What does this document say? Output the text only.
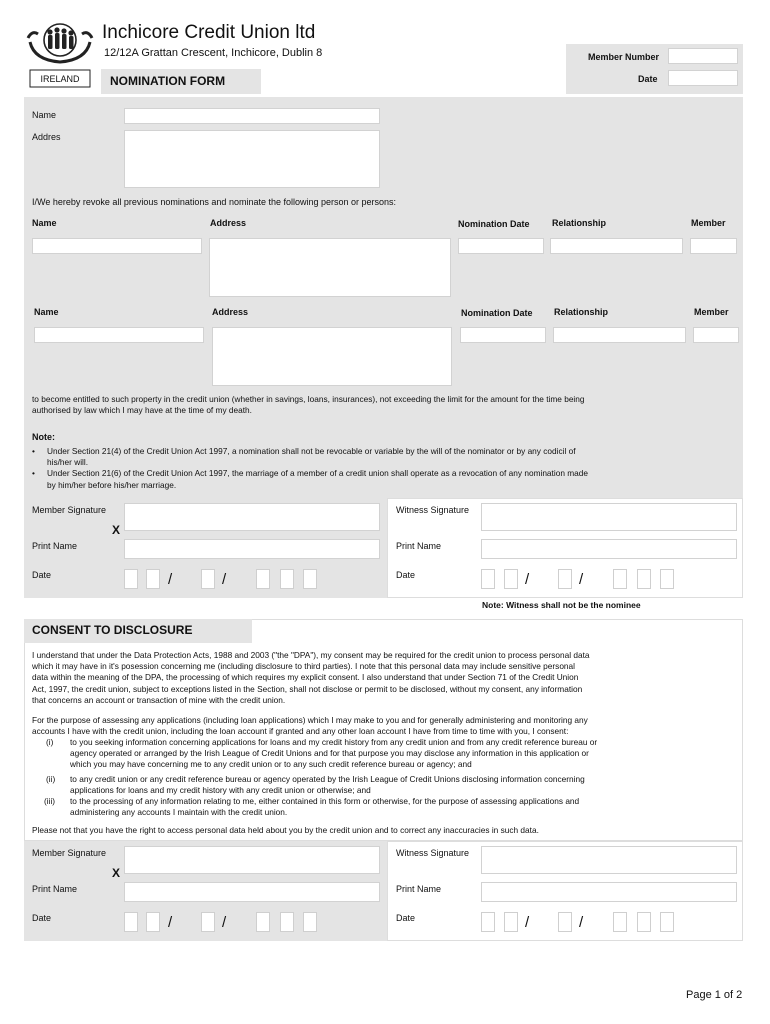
IRELAND
Inchicore Credit Union ltd
12/12A Grattan Crescent, Inchicore, Dublin 8	Member Number
Date
NOMINATION FORM
Name
Addres
I/We hereby revoke all previous nominations and nominate the following person or persons:
Name	Address	Nomination Date Relationship	Member
Name	Address	Nomination Date Relationship	Member
to become entitled to such property in the credit union (whether in savings, loans, insurances), not exceeding the limit for the amount for the time being
authorised by law which I may have at the time of my death.
Note:
• Under Section 21(4) of the Credit Union Act 1997, a nomination shall not be revocable or variable by the will of the nominator or by any codicil of
his/her will.
• Under Section 21(6) of the Credit Union Act 1997, the marriage of a member of a credit union shall operate as a revocation of any nomination made
by him/her before his/her marriage.
Member Signature
X
Print Name
Date	/	/
Witness Signature
Print Name
Date	/	/
Note: Witness shall not be the nominee
CONSENT TO DISCLOSURE
I understand that under the Data Protection Acts, 1988 and 2003 ("the "DPA"), my consent may be required for the credit union to process personal data
which it may have in it's posession concerning me (including disclosure to third parties). I note that this personal data may include sensitive personal
data within the meaning of the DPA, the processing of which requires my explicit consent. I also understand that under Section 71 of the Credit Union
Act, 1997, the credit union, subject to exceptions listed in the Section, shall not disclose or permit to be disclosed, without my consent, any information
that concerns an account or transaction of mine with the credit union.
For the purpose of assessing any applications (including loan applications) which I may make to you and for generally administering and monitoring any
accounts I have with the credit union, including the loan account if granted and any other loan account I have from time to time with you, I consent:
(i) to you seeking information concerning applications for loans and my credit history from any credit union and from any credit reference bureau or
agency operated or arranged by the Irish League of Credit Unions and for that purpose you may disclose any information in this application or
which you may have concerning me to any credit union or to any such credit reference bureau or agency; and
(ii) to any credit union or any credit reference bureau or agency operated by the Irish League of Credit Unions disclosing information concerning
applications for loans and my credit history with any credit union or otherwise; and
(iii) to the processing of any information relating to me, either contained in this form or otherwise, for the purpose of assessing applications and
administering any accounts I maintain with the credit union.
Please not that you have the right to access personal data held about you by the credit union and to correct any inaccuracies in such data.
Member Signature
X
Print Name
Date	/	/
Witness Signature
Print Name
Date	/	/
Page 1 of 2
